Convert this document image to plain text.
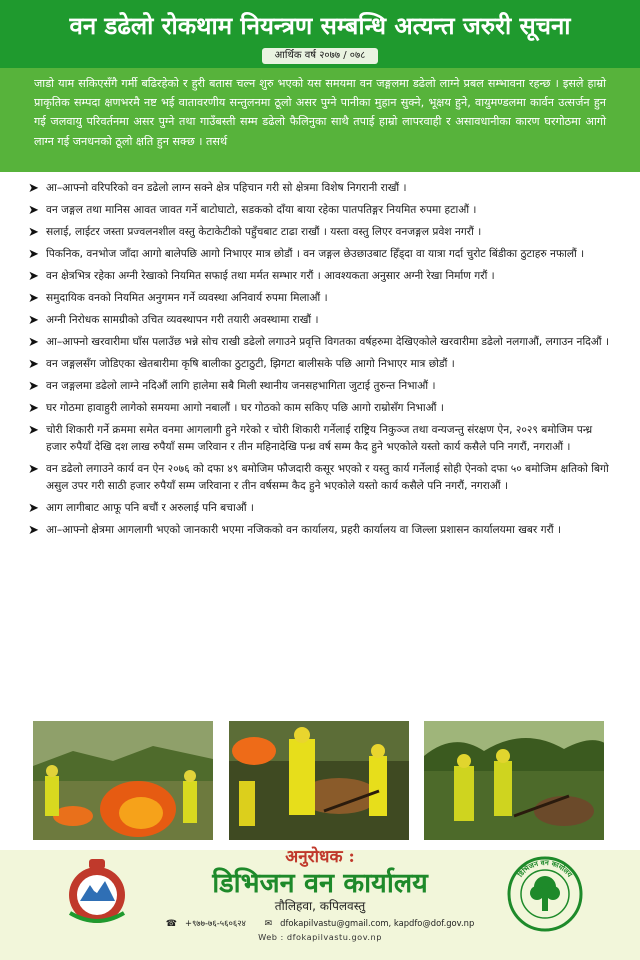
वन डढेलो रोकथाम नियन्त्रण सम्बन्धि अत्यन्त जरुरी सूचना
आर्थिक वर्ष २०७७ / ०७८
जाडो याम सकिएसँगै गर्मी बढिरहेको र हुरी बतास चल्न शुरु भएको यस समयमा वन जङ्गलमा डढेलो लाग्ने प्रबल सम्भावना रहन्छ । इसले हाम्रो प्राकृतिक सम्पदा क्षणभरमै नष्ट भई वातावरणीय सन्तुलनमा ठूलो असर पुग्ने पानीका मुहान सुक्ने, भूक्षय हुने, वायुमण्डलमा कार्वन उत्सर्जन हुन गई जलवायु परिवर्तनमा असर पुग्ने तथा गाउँबस्ती सम्म डढेलो फैलिनुका साथै तपाई हाम्रो लापरवाही र असावधानीका कारण घरगोठमा आगो लाग्न गई जनधनको ठूलो क्षति हुन सक्छ । तसर्थ
➤ आ–आफ्नो वरिपरिको वन डढेलो लाग्न सक्ने क्षेत्र पहिचान गरी सो क्षेत्रमा विशेष निगरानी राखौं ।
➤ वन जङ्गल तथा मानिस आवत जावत गर्ने बाटोघाटो, सडकको दाँया बाया रहेका पातपतिङ्गर नियमित रुपमा हटाऔं ।
➤ सलाई, लाईटर जस्ता प्रज्वलनशील वस्तु केटाकेटीको पहुँचबाट टाढा राखौं । यस्ता वस्तु लिएर वनजङ्गल प्रवेश नगरौं ।
➤ पिकनिक, वनभोज जाँदा आगो बालेपछि आगो निभाएर मात्र छोडौं । वन जङ्गल छेउछाउबाट हिँड्दा वा यात्रा गर्दा चुरोट बिंडीका ठुटाहरु नफालौं ।
➤ वन क्षेत्रभित्र रहेका अग्नी रेखाको नियमित सफाई तथा मर्मत सम्भार गरौं । आवश्यकता अनुसार अग्नी रेखा निर्माण गरौं ।
➤ समुदायिक वनको नियमित अनुगमन गर्ने व्यवस्था अनिवार्य रुपमा मिलाऔं ।
➤ अग्नी निरोधक सामग्रीको उचित व्यवस्थापन गरी तयारी अवस्थामा राखौं ।
➤ आ–आफ्नो खरवारीमा घाँस पलाउँछ भन्ने सोच राखी डढेलो लगाउने प्रवृत्ति विगतका वर्षहरुमा देखिएकोले खरवारीमा डढेलो नलगाऔं, लगाउन नदिऔं ।
➤ वन जङ्गलसँग जोडिएका खेतबारीमा कृषि बालीका ठुटाठुटी, झिगटा बालीसके पछि आगो निभाएर मात्र छोडौं ।
➤ वन जङ्गलमा डढेलो लाग्ने नदिऔं लागि हालेमा सबै मिली स्थानीय जनसहभागिता जुटाई तुरुन्त निभाऔं ।
➤ घर गोठमा हावाहुरी लागेको समयमा आगो नबालौं । घर गोठको काम सकिए पछि आगो राम्रोसँग निभाऔं ।
➤ चोरी शिकारी गर्ने क्रममा समेत वनमा आगलागी हुने गरेको र चोरी शिकारी गर्नेलाई राष्ट्रिय निकुञ्ज तथा वन्यजन्तु संरक्षण ऐन, २०२९ बमोजिम पन्ध्र हजार रुपैयाँ देखि दश लाख रुपैयाँ सम्म जरिवान र तीन महिनादेखि पन्ध्र वर्ष सम्म कैद हुने भएकोले यस्तो कार्य कसैले पनि नगरौं, नगराऔं ।
➤ वन डढेलो लगाउने कार्य वन ऐन २०७६ को दफा ४९ बमोजिम फौजदारी कसूर भएको र यस्तु कार्य गर्नेलाई सोही ऐनको दफा ५० बमोजिम क्षतिको बिगो असुल उपर गरी साठी हजार रुपैयाँ सम्म जरिवाना र तीन वर्षसम्म कैद हुने भएकोले यस्तो कार्य कसैले पनि नगरौं, नगराऔं ।
➤ आग लागीबाट आफू पनि बचौं र अरुलाई पनि बचाऔं ।
➤ आ–आफ्नो क्षेत्रमा आगलागी भएको जानकारी भएमा नजिकको वन कार्यालय, प्रहरी कार्यालय वा जिल्ला प्रशासन कार्यालयमा खबर गरौं ।
अनुरोधक :
डिभिजन वन कार्यालय
तौलिहवा, कपिलवस्तु
☎ +९७७-७६-५६०६२४ ✉ dfokapilvastu@gmail.com, kapdfo@dof.gov.np
Web : dfokapilvastu.gov.np
डिभिजन वन कार्यालय
